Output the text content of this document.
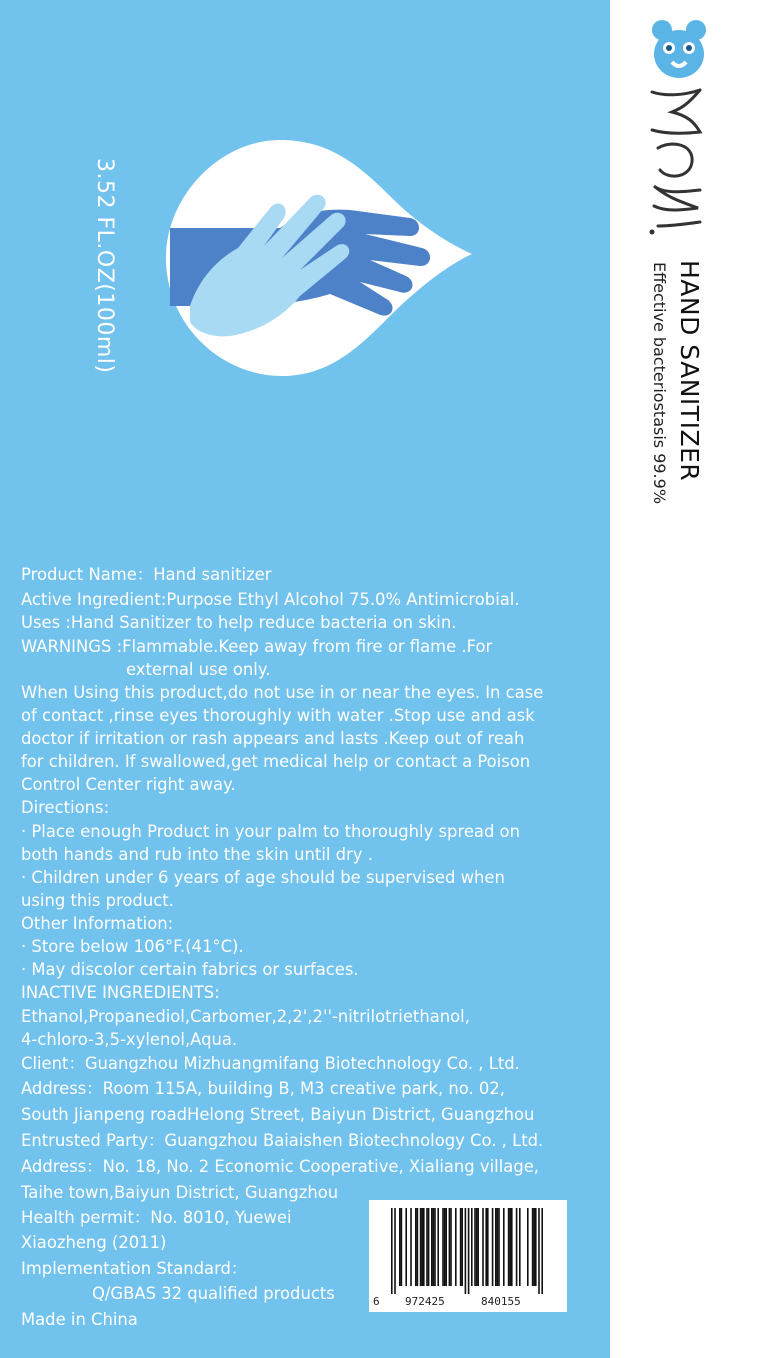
3.52 FL.OZ(100ml)	HAND SANITIZER
Effective bacteriostasis 99.9%
Product Name：Hand sanitizer
Active Ingredient:Purpose Ethyl Alcohol 75.0% Antimicrobial.
Uses :Hand Sanitizer to help reduce bacteria on skin.
WARNINGS :Flammable.Keep away from fire or flame .For
external use only.
When Using this product,do not use in or near the eyes. In case
of contact ,rinse eyes thoroughly with water .Stop use and ask
doctor if irritation or rash appears and lasts .Keep out of reah
for children. If swallowed,get medical help or contact a Poison
Control Center right away.
Directions:
· Place enough Product in your palm to thoroughly spread on
both hands and rub into the skin until dry .
· Children under 6 years of age should be supervised when
using this product.
Other Information:
· Store below 106°F.(41°C).
· May discolor certain fabrics or surfaces.
INACTIVE INGREDIENTS:
Ethanol,Propanediol,Carbomer,2,2',2''-nitrilotriethanol,
4-chloro-3,5-xylenol,Aqua.
Client：Guangzhou Mizhuangmifang Biotechnology Co. , Ltd.
Address：Room 115A, building B, M3 creative park, no. 02,
South Jianpeng roadHelong Street, Baiyun District, Guangzhou
Entrusted Party：Guangzhou Baiaishen Biotechnology Co. , Ltd.
Address：No. 18, No. 2 Economic Cooperative, Xialiang village,
Taihe town,Baiyun District, Guangzhou
Health permit：No. 8010, Yuewei
Xiaozheng (2011)
Implementation Standard：
Q/GBAS 32 qualified products
Made in China
6 972425	840155
